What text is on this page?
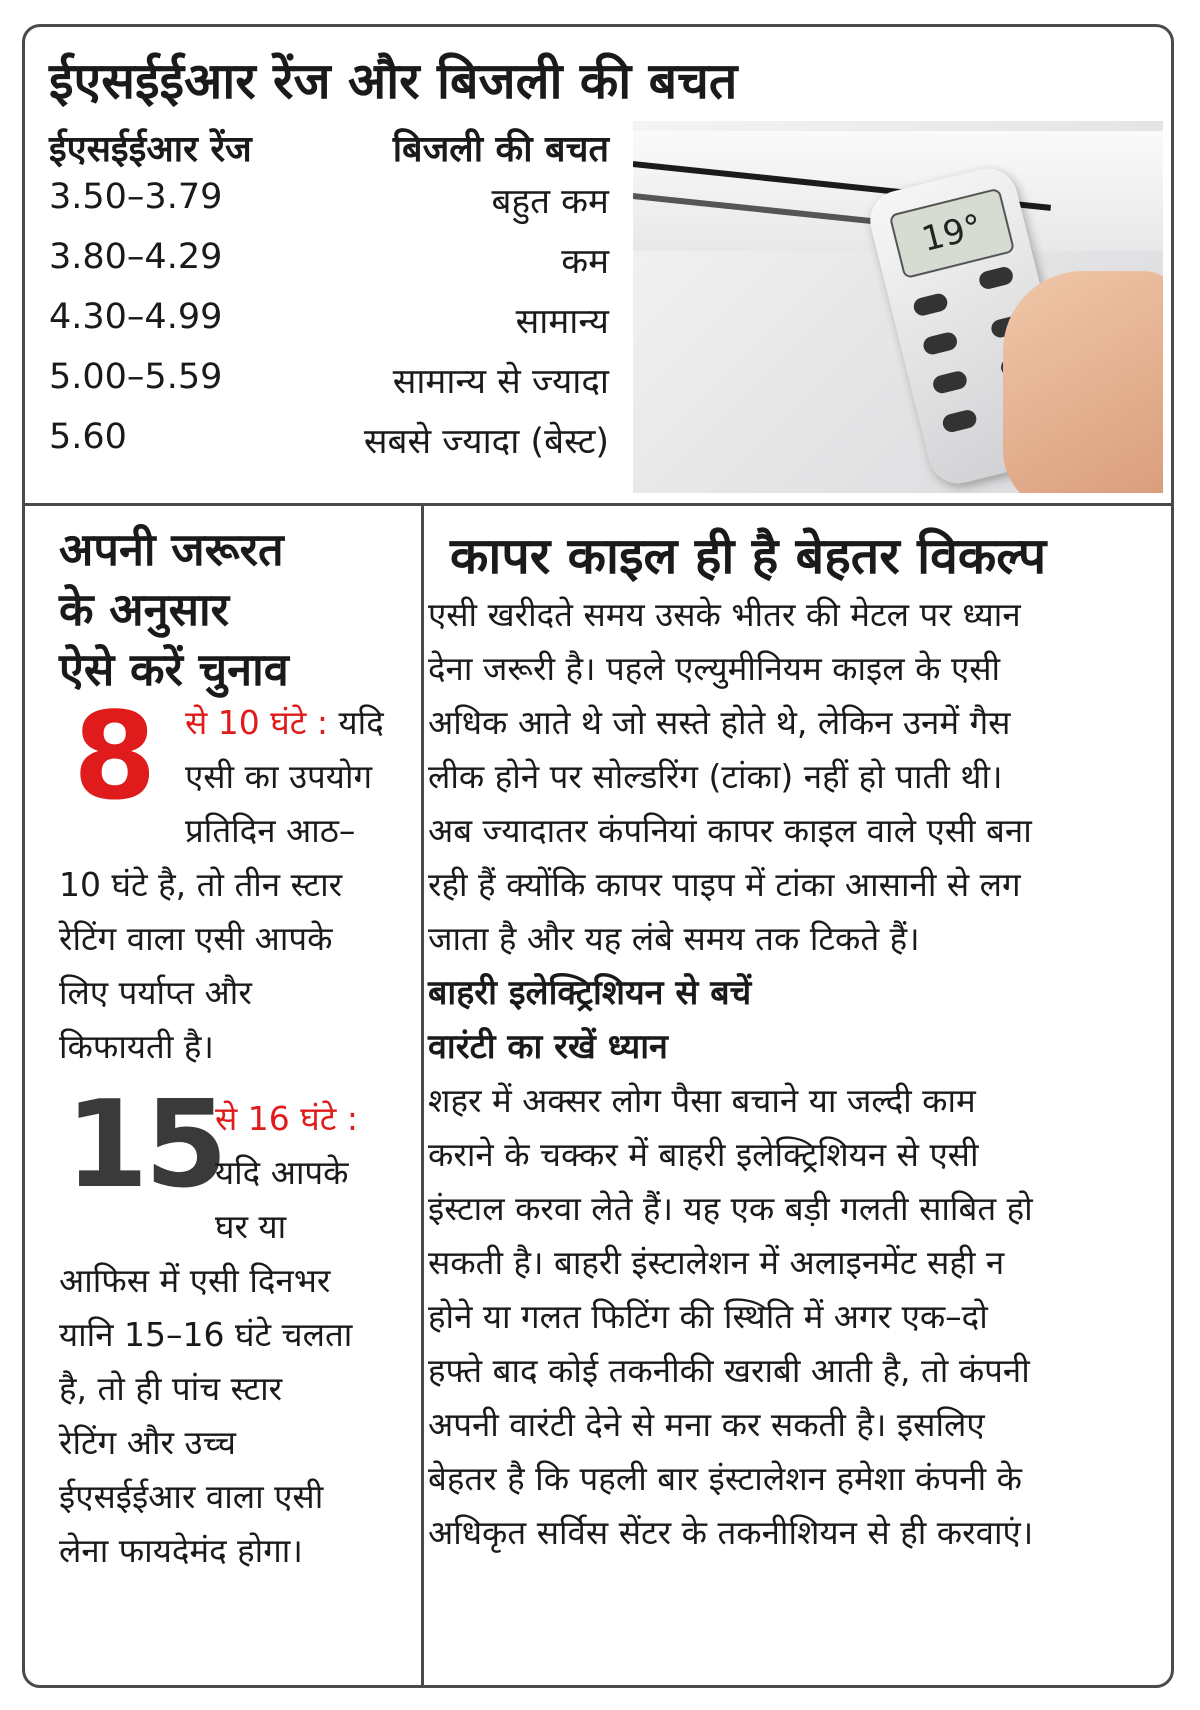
ईएसईईआर रेंज और बिजली की बचत
ईएसईईआर रेंज	बिजली की बचत
3.50–3.79	बहुत कम
3.80–4.29	कम
4.30–4.99	सामान्य
5.00–5.59	सामान्य से ज्यादा
5.60	सबसे ज्यादा (बेस्ट)
19°
अपनी जरूरत
के अनुसार
ऐसे करें चुनाव
8 से 10 घंटे : यदि
एसी का उपयोग
प्रतिदिन आठ–
10 घंटे है, तो तीन स्टार
रेटिंग वाला एसी आपके
लिए पर्याप्त और
किफायती है।
15
से 16 घंटे :
यदि आपके
घर या
आफिस में एसी दिनभर
यानि 15–16 घंटे चलता
है, तो ही पांच स्टार
रेटिंग और उच्च
ईएसईईआर वाला एसी
लेना फायदेमंद होगा।
कापर काइल ही है बेहतर विकल्प
एसी खरीदते समय उसके भीतर की मेटल पर ध्यान
देना जरूरी है। पहले एल्युमीनियम काइल के एसी
अधिक आते थे जो सस्ते होते थे, लेकिन उनमें गैस
लीक होने पर सोल्डरिंग (टांका) नहीं हो पाती थी।
अब ज्यादातर कंपनियां कापर काइल वाले एसी बना
रही हैं क्योंकि कापर पाइप में टांका आसानी से लग
जाता है और यह लंबे समय तक टिकते हैं।
बाहरी इलेक्ट्रिशियन से बचें
वारंटी का रखें ध्यान
शहर में अक्सर लोग पैसा बचाने या जल्दी काम
कराने के चक्कर में बाहरी इलेक्ट्रिशियन से एसी
इंस्टाल करवा लेते हैं। यह एक बड़ी गलती साबित हो
सकती है। बाहरी इंस्टालेशन में अलाइनमेंट सही न
होने या गलत फिटिंग की स्थिति में अगर एक–दो
हफ्ते बाद कोई तकनीकी खराबी आती है, तो कंपनी
अपनी वारंटी देने से मना कर सकती है। इसलिए
बेहतर है कि पहली बार इंस्टालेशन हमेशा कंपनी के
अधिकृत सर्विस सेंटर के तकनीशियन से ही करवाएं।
